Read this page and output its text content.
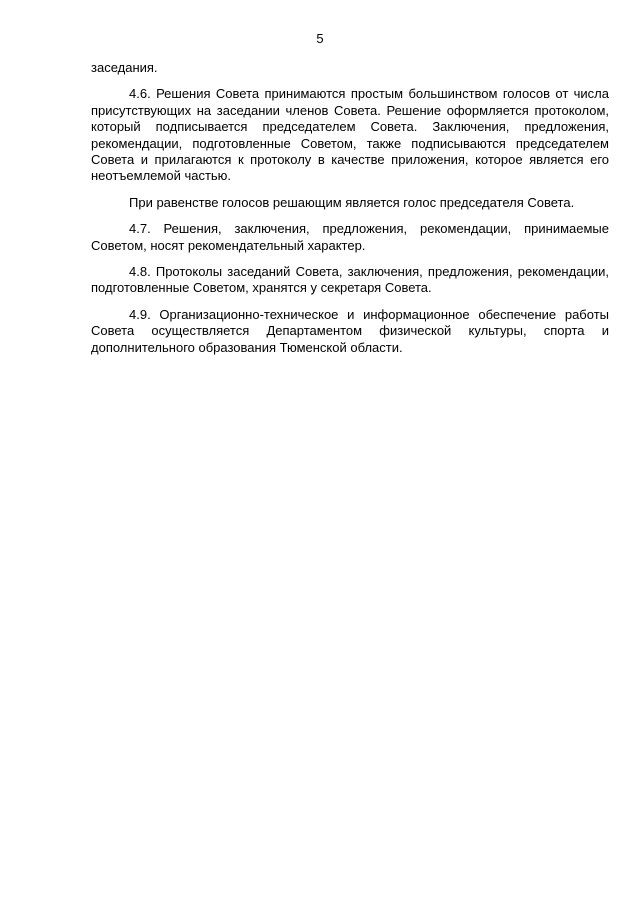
5

заседания.

4.6. Решения Совета принимаются простым большинством голосов от числа присутствующих на заседании членов Совета. Решение оформляется протоколом, который подписывается председателем Совета. Заключения, предложения, рекомендации, подготовленные Советом, также подписываются председателем Совета и прилагаются к протоколу в качестве приложения, которое является его неотъемлемой частью.

При равенстве голосов решающим является голос председателя Совета.

4.7. Решения, заключения, предложения, рекомендации, принимаемые Советом, носят рекомендательный характер.

4.8. Протоколы заседаний Совета, заключения, предложения, рекомендации, подготовленные Советом, хранятся у секретаря Совета.

4.9. Организационно-техническое и информационное обеспечение работы Совета осуществляется Департаментом физической культуры, спорта и дополнительного образования Тюменской области.
